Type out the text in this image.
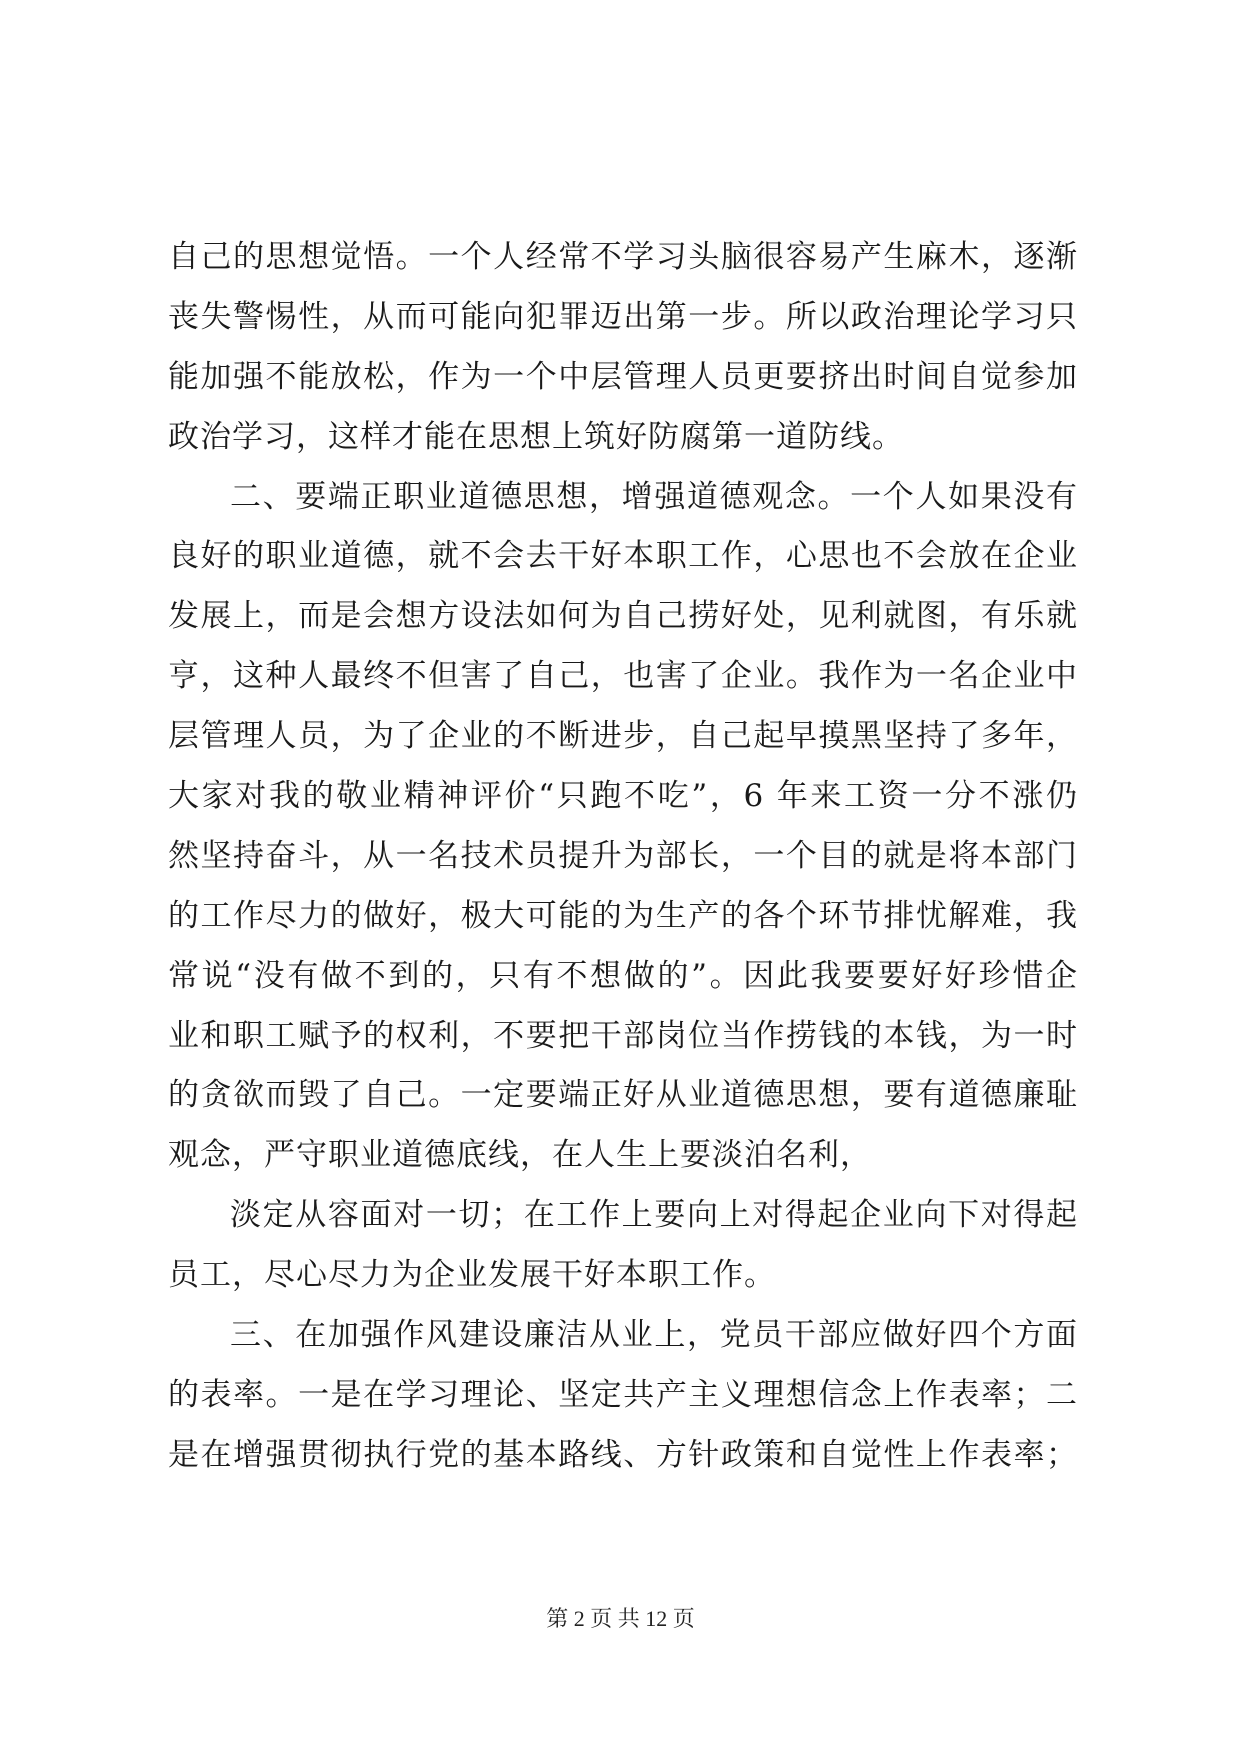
自己的思想觉悟。一个人经常不学习头脑很容易产生麻木，逐渐
丧失警惕性，从而可能向犯罪迈出第一步。所以政治理论学习只
能加强不能放松，作为一个中层管理人员更要挤出时间自觉参加
政治学习，这样才能在思想上筑好防腐第一道防线。
二、要端正职业道德思想，增强道德观念。一个人如果没有
良好的职业道德，就不会去干好本职工作，心思也不会放在企业
发展上，而是会想方设法如何为自己捞好处，见利就图，有乐就
亨，这种人最终不但害了自己，也害了企业。我作为一名企业中
层管理人员，为了企业的不断进步，自己起早摸黑坚持了多年，
大家对我的敬业精神评价“只跑不吃”，6 年来工资一分不涨仍
然坚持奋斗，从一名技术员提升为部长，一个目的就是将本部门
的工作尽力的做好，极大可能的为生产的各个环节排忧解难，我
常说“没有做不到的，只有不想做的”。因此我要要好好珍惜企
业和职工赋予的权利，不要把干部岗位当作捞钱的本钱，为一时
的贪欲而毁了自己。一定要端正好从业道德思想，要有道德廉耻
观念，严守职业道德底线，在人生上要淡泊名利，
淡定从容面对一切；在工作上要向上对得起企业向下对得起
员工，尽心尽力为企业发展干好本职工作。
三、在加强作风建设廉洁从业上，党员干部应做好四个方面
的表率。一是在学习理论、坚定共产主义理想信念上作表率；二
是在增强贯彻执行党的基本路线、方针政策和自觉性上作表率；
第 2 页 共 12 页
